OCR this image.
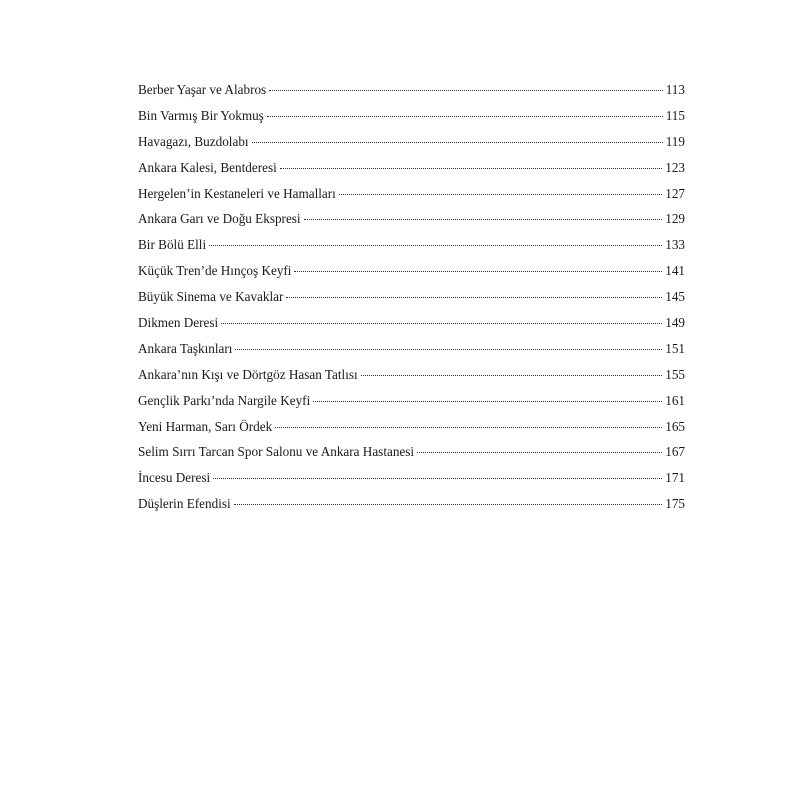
Berber Yaşar ve Alabros	113
Bin Varmış Bir Yokmuş	115
Havagazı, Buzdolabı	119
Ankara Kalesi, Bentderesi	123
Hergelen’in Kestaneleri ve Hamalları	127
Ankara Garı ve Doğu Ekspresi	129
Bir Bölü Elli	133
Küçük Tren’de Hınçoş Keyfi	141
Büyük Sinema ve Kavaklar	145
Dikmen Deresi	149
Ankara Taşkınları	151
Ankara’nın Kışı ve Dörtgöz Hasan Tatlısı	155
Gençlik Parkı’nda Nargile Keyfi	161
Yeni Harman, Sarı Ördek	165
Selim Sırrı Tarcan Spor Salonu ve Ankara Hastanesi	167
İncesu Deresi	171
Düşlerin Efendisi	175
